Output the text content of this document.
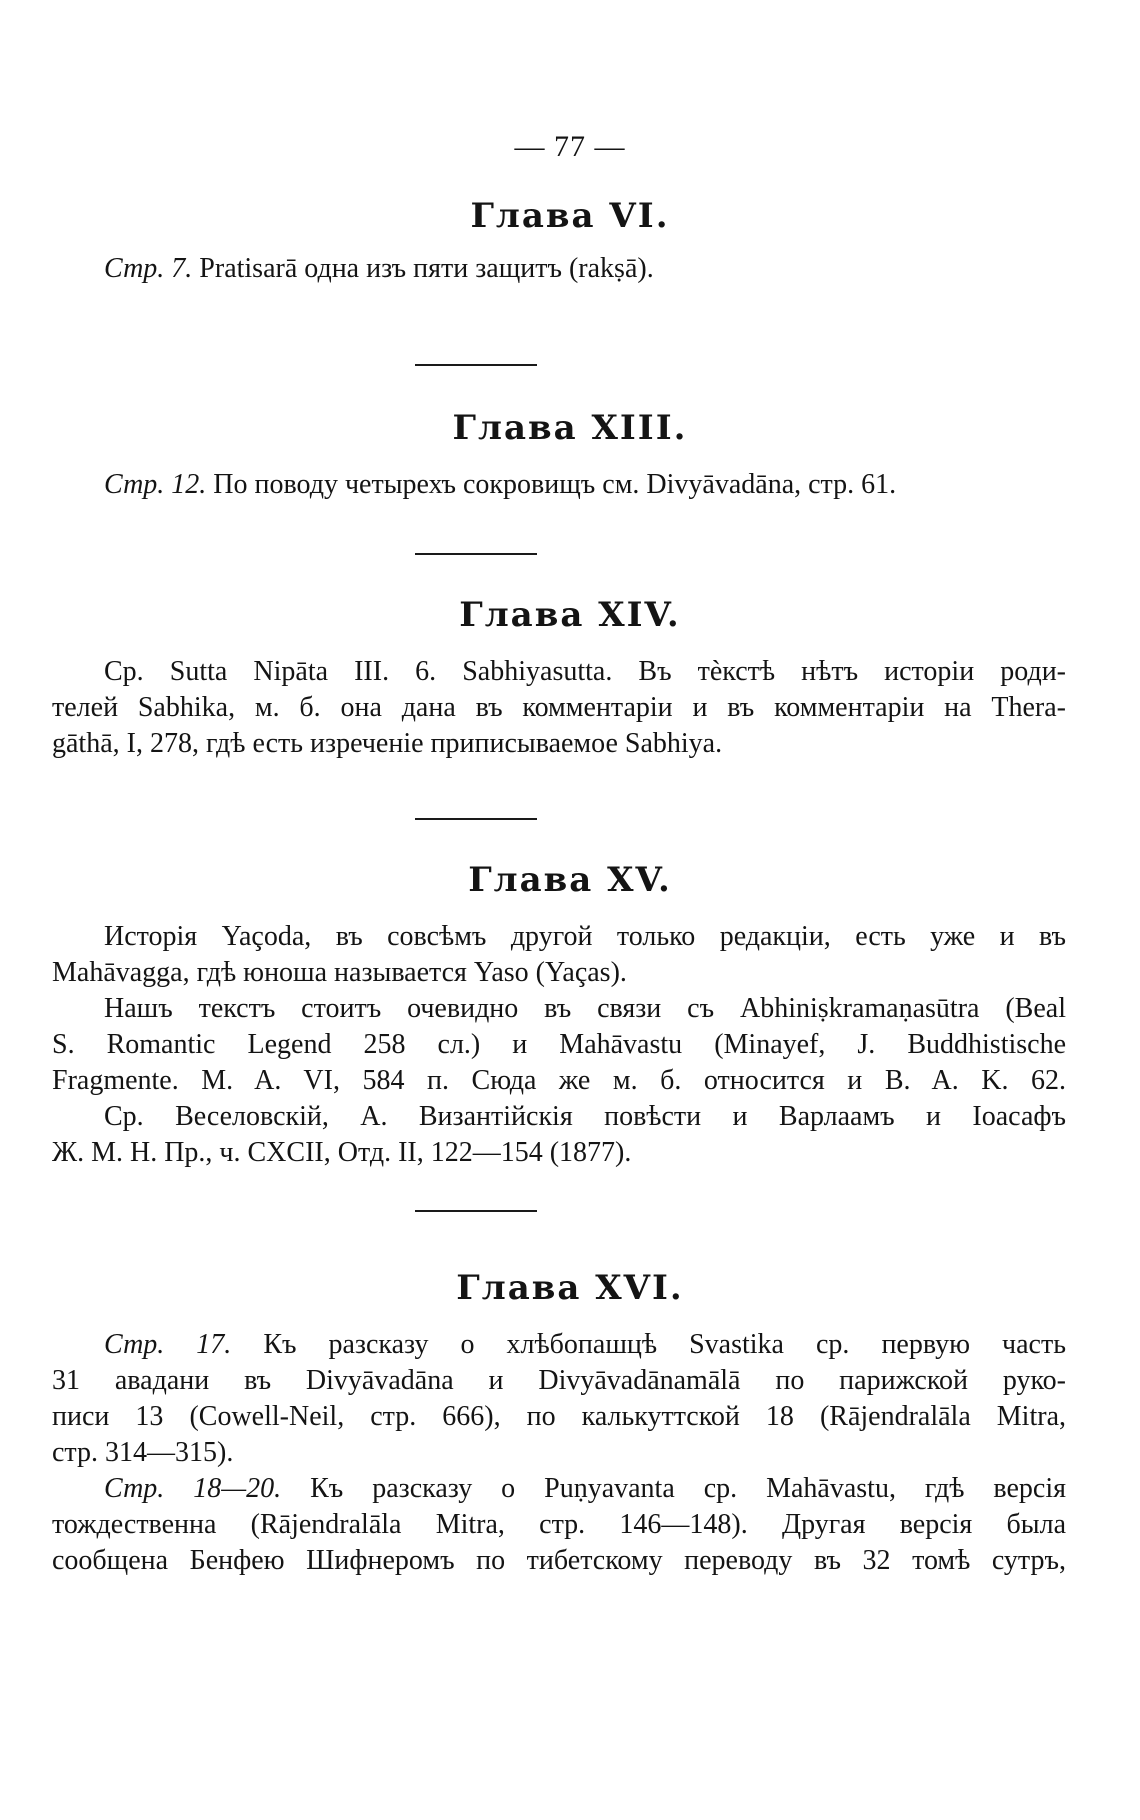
— 77 —
Глава VI.
Стр. 7. Pratisarā одна изъ пяти защитъ (rakṣā).
Глава XIII.
Стр. 12. По поводу четырехъ сокровищъ см. Divyāvadāna, стр. 61.
Глава XIV.
Ср. Sutta Nipāta III. 6. Sabhiyasutta. Въ тѐкстѣ нѣтъ исторіи роди-
телей Sabhika, м. б. она дана въ комментаріи и въ комментаріи на Thera-
gāthā, I, 278, гдѣ есть изреченіе приписываемое Sabhiya.
Глава XV.
Исторія Yaçoda, въ совсѣмъ другой только редакціи, есть уже и въ
Mahāvagga, гдѣ юноша называется Yaso (Yaças).
Нашъ текстъ стоитъ очевидно въ связи съ Abhiniṣkramaṇasūtra (Beal
S. Romantic Legend 258 сл.) и Mahāvastu (Minayef, J. Buddhistische
Fragmente. M. A. VI, 584 п. Сюда же м. б. относится и B. A. K. 62.
Ср. Веселовскій, А. Византійскія повѣсти и Варлаамъ и Іоасафъ
Ж. М. Н. Пр., ч. CXCII, Отд. II, 122—154 (1877).
Глава XVI.
Стр. 17. Къ разсказу о хлѣбопашцѣ Svastika ср. первую часть
31 авадани въ Divyāvadāna и Divyāvadānamālā по парижской руко-
писи 13 (Cowell-Neil, стр. 666), по калькуттской 18 (Rājendralāla Mitra,
стр. 314—315).
Стр. 18—20. Къ разсказу о Puṇyavanta ср. Mahāvastu, гдѣ версія
тождественна (Rājendralāla Mitra, стр. 146—148). Другая версія была
сообщена Бенфею Шифнеромъ по тибетскому переводу въ 32 томѣ сутръ,
